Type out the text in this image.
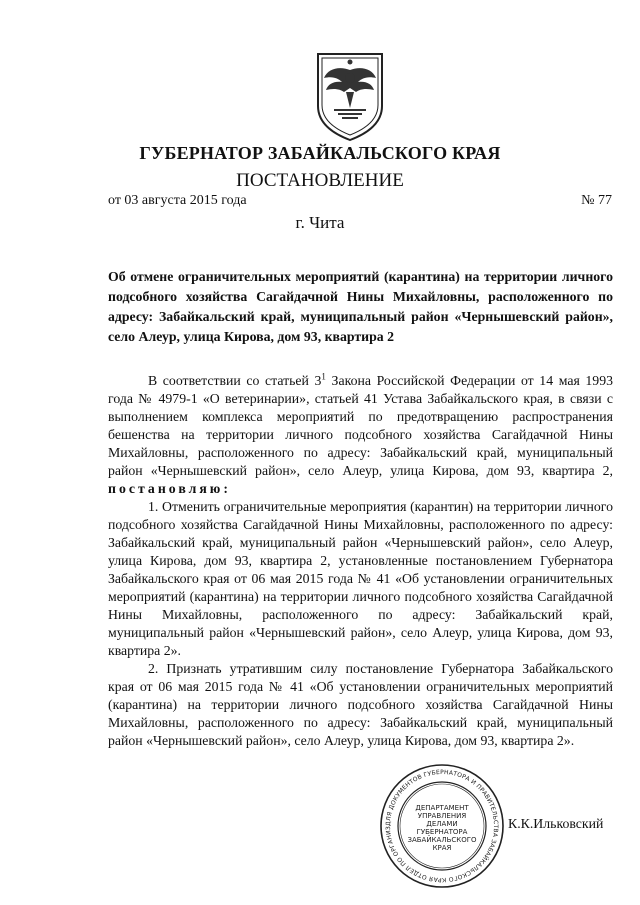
ГУБЕРНАТОР ЗАБАЙКАЛЬСКОГО КРАЯ
ПОСТАНОВЛЕНИЕ
от 03 августа 2015 года	№ 77
г. Чита
Об отмене ограничительных мероприятий (карантина) на территории личного подсобного хозяйства Сагайдачной Нины Михайловны, расположенного по адресу: Забайкальский край, муниципальный район «Чернышевский район», село Алеур, улица Кирова, дом 93, квартира 2

В соответствии со статьей $3^1$ Закона Российской Федерации от 14 мая 1993 года № 4979-1 «О ветеринарии», статьей 41 Устава Забайкальского края, в связи с выполнением комплекса мероприятий по предотвращению распространения бешенства на территории личного подсобного хозяйства Сагайдачной Нины Михайловны, расположенного по адресу: Забайкальский край, муниципальный район «Чернышевский район», село Алеур, улица Кирова, дом 93, квартира 2, постановляю:

1. Отменить ограничительные мероприятия (карантин) на территории личного подсобного хозяйства Сагайдачной Нины Михайловны, расположенного по адресу: Забайкальский край, муниципальный район «Чернышевский район», село Алеур, улица Кирова, дом 93, квартира 2, установленные постановлением Губернатора Забайкальского края от 06 мая 2015 года № 41 «Об установлении ограничительных мероприятий (карантина) на территории личного подсобного хозяйства Сагайдачной Нины Михайловны, расположенного по адресу: Забайкальский край, муниципальный район «Чернышевский район», село Алеур, улица Кирова, дом 93, квартира 2».

2. Признать утратившим силу постановление Губернатора Забайкальского края от 06 мая 2015 года № 41 «Об установлении ограничительных мероприятий (карантина) на территории личного подсобного хозяйства Сагайдачной Нины Михайловны, расположенного по адресу: Забайкальский край, муниципальный район «Чернышевский район», село Алеур, улица Кирова, дом 93, квартира 2».

ДЛЯ ДОКУМЕНТОВ ГУБЕРНАТОРА И ПРАВИТЕЛЬСТВА ЗАБАЙКАЛЬСКОГО КРАЯ ОТДЕЛ ПО ОРГАНИЗ
ДЕПАРТАМЕНТ УПРАВЛЕНИЯ ДЕЛАМИ ГУБЕРНАТОРА ЗАБАЙКАЛЬСКОГО КРАЯ
К.К.Ильковский
